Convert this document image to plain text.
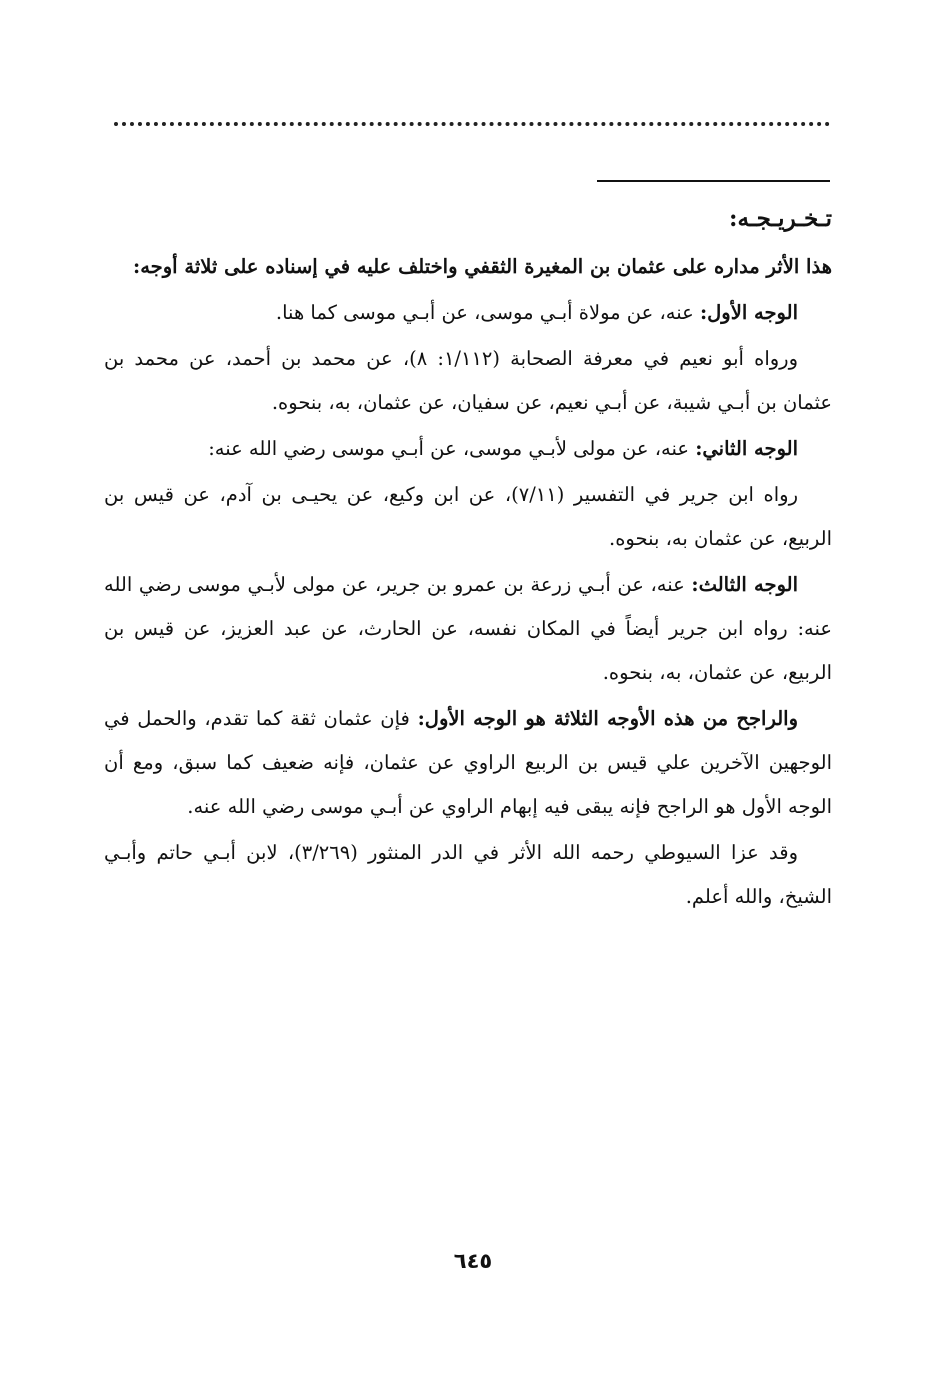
تـخـريـجـه:

هذا الأثر مداره على عثمان بن المغيرة الثقفي واختلف عليه في إسناده على ثلاثة أوجه:

الوجه الأول: عنه، عن مولاة أبـي موسى، عن أبـي موسى كما هنا.

ورواه أبو نعيم في معرفة الصحابة (١/١١٢: ٨)، عن محمد بن أحمد، عن محمد بن عثمان بن أبـي شيبة، عن أبـي نعيم، عن سفيان، عن عثمان، به، بنحوه.

الوجه الثاني: عنه، عن مولى لأبـي موسى، عن أبـي موسى رضي الله عنه:

رواه ابن جرير في التفسير (٧/١١)، عن ابن وكيع، عن يحيـى بن آدم، عن قيس بن الربيع، عن عثمان به، بنحوه.

الوجه الثالث: عنه، عن أبـي زرعة بن عمرو بن جرير، عن مولى لأبـي موسى رضي الله عنه: رواه ابن جرير أيضاً في المكان نفسه، عن الحارث، عن عبد العزيز، عن قيس بن الربيع، عن عثمان، به، بنحوه.

والراجح من هذه الأوجه الثلاثة هو الوجه الأول: فإن عثمان ثقة كما تقدم، والحمل في الوجهين الآخرين علي قيس بن الربيع الراوي عن عثمان، فإنه ضعيف كما سبق، ومع أن الوجه الأول هو الراجح فإنه يبقى فيه إبهام الراوي عن أبـي موسى رضي الله عنه.

وقد عزا السيوطي رحمه الله الأثر في الدر المنثور (٣/٢٦٩)، لابن أبـي حاتم وأبـي الشيخ، والله أعلم.

٦٤٥
